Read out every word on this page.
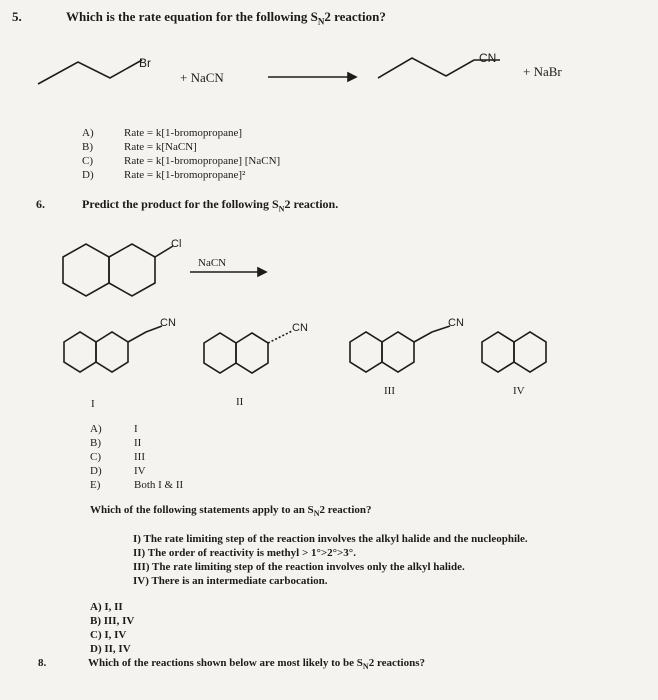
5.	Which is the rate equation for the following $S_N2$ reaction?
Br
+ NaCN
CN
+ NaBr
A)	Rate = k[1-bromopropane]
B)	Rate = k[NaCN]
C)	Rate = k[1-bromopropane] [NaCN]
D)	Rate = k[1-bromopropane]²
6.	Predict the product for the following $S_N2$ reaction.
Cl
NaCN
CN	CN	CN
I	II
III	IV
A)	I
B)	II
C)	III
D)	IV
E)	Both I & II
Which of the following statements apply to an $S_N2$ reaction?
I) The rate limiting step of the reaction involves the alkyl halide and the nucleophile.
II) The order of reactivity is methyl > 1°>2°>3°.
III) The rate limiting step of the reaction involves only the alkyl halide.
IV) There is an intermediate carbocation.
A) I, II
B) III, IV
C) I, IV
D) II, IV
8.	Which of the reactions shown below are most likely to be $S_N2$ reactions?
